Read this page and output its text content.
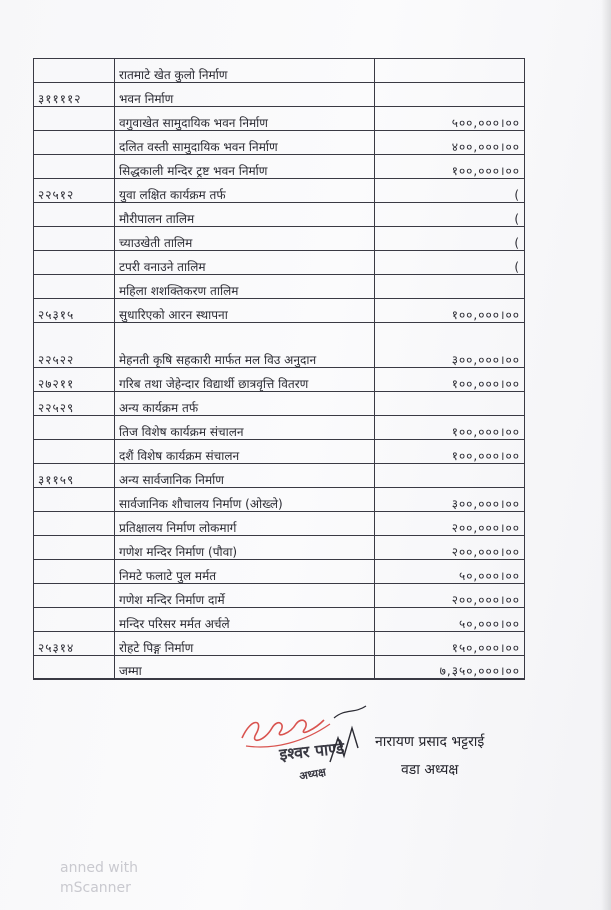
	रातमाटे खेत कुलो निर्माण	
३११११२	भवन निर्माण	
	वगुवाखेत सामुदायिक भवन निर्माण	५००,०००।००
	दलित वस्ती सामुदायिक भवन निर्माण	४००,०००।००
	सिद्धकाली मन्दिर ट्रष्ट भवन निर्माण	१००,०००।००
२२५१२	युवा लक्षित कार्यक्रम तर्फ	(
	मौरीपालन तालिम	(
	च्याउखेती तालिम	(
	टपरी वनाउने तालिम	(
	महिला शशक्तिकरण तालिम	
२५३१५	सुधारिएको आरन स्थापना	१००,०००।००
२२५२२	मेहनती कृषि सहकारी मार्फत मल विउ अनुदान	३००,०००।००
२७२११	गरिब तथा जेहेन्दार विद्यार्थी छात्रवृत्ति वितरण	१००,०००।००
२२५२९	अन्य कार्यक्रम तर्फ	
	तिज विशेष कार्यक्रम संचालन	१००,०००।००
	दशैं विशेष कार्यक्रम संचालन	१००,०००।००
३११५९	अन्य सार्वजानिक निर्माण	
	सार्वजानिक शौचालय निर्माण (ओख्ले)	३००,०००।००
	प्रतिक्षालय निर्माण लोकमार्ग	२००,०००।००
	गणेश मन्दिर निर्माण (पौवा)	२००,०००।००
	निमटे फलाटे पुल मर्मत	५०,०००।००
	गणेश मन्दिर निर्माण दार्मे	२००,०००।००
	मन्दिर परिसर मर्मत अर्चले	५०,०००।००
२५३१४	रोहटे पिङ्ग निर्माण	१५०,०००।००
	जम्मा	७,३५०,०००।००
इश्वर पाण्डे
अध्यक्ष
नारायण प्रसाद भट्टराई
वडा अध्यक्ष
anned with
mScanner
